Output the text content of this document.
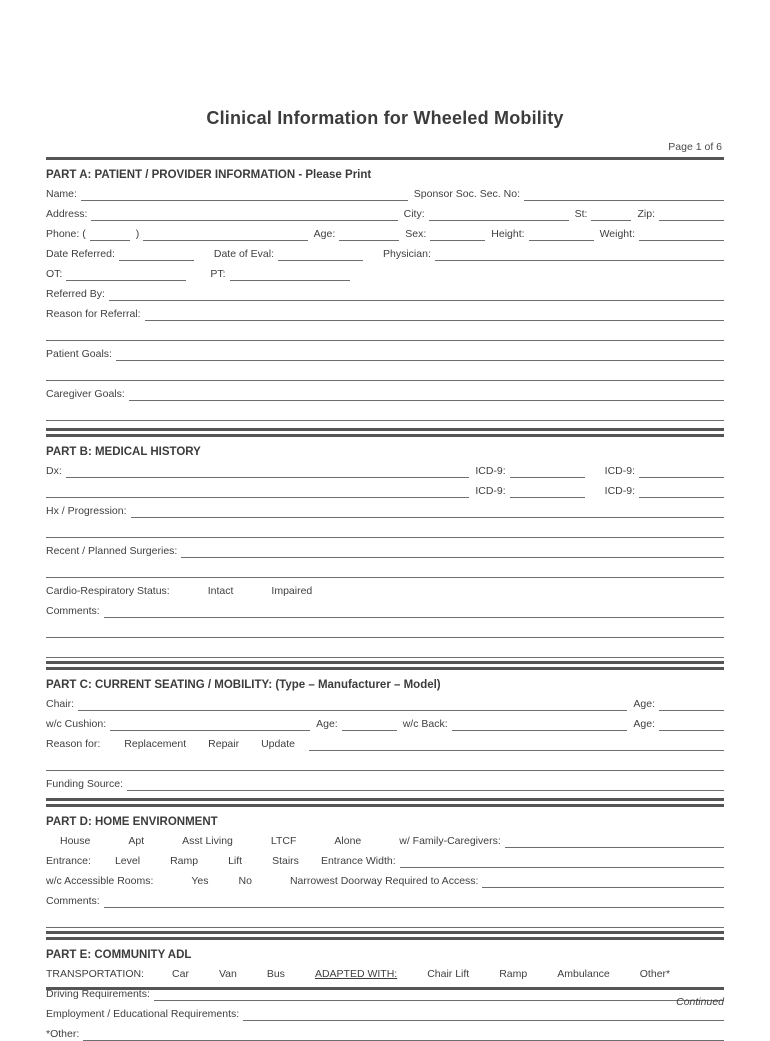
Clinical Information for Wheeled Mobility
Page 1 of 6
PART A: PATIENT / PROVIDER INFORMATION - Please Print
Name:	Sponsor Soc. Sec. No:
Address:	City:	St:	Zip:
Phone: (	)	Age:	Sex:	Height:	Weight:
Date Referred:	Date of Eval:	Physician:
OT:	PT:
Referred By:
Reason for Referral:
Patient Goals:
Caregiver Goals:
PART B: MEDICAL HISTORY
Dx:	ICD-9:	ICD-9:
ICD-9:	ICD-9:
Hx / Progression:
Recent / Planned Surgeries:
Cardio-Respiratory Status:	Intact	Impaired
Comments:
PART C: CURRENT SEATING / MOBILITY: (Type – Manufacturer – Model)
Chair:	Age:
w/c Cushion:	Age:	w/c Back:	Age:
Reason for:	Replacement	Repair	Update
Funding Source:
PART D: HOME ENVIRONMENT
House	Apt	Asst Living	LTCF	Alone	w/ Family-Caregivers:
Entrance:	Level	Ramp	Lift	Stairs	Entrance Width:
w/c Accessible Rooms:	Yes	No	Narrowest Doorway Required to Access:
Comments:
PART E: COMMUNITY ADL
TRANSPORTATION:	Car	Van	Bus	ADAPTED WITH:	Chair Lift	Ramp	Ambulance	Other*
Driving Requirements:
Employment / Educational Requirements:
*Other:
Continued
